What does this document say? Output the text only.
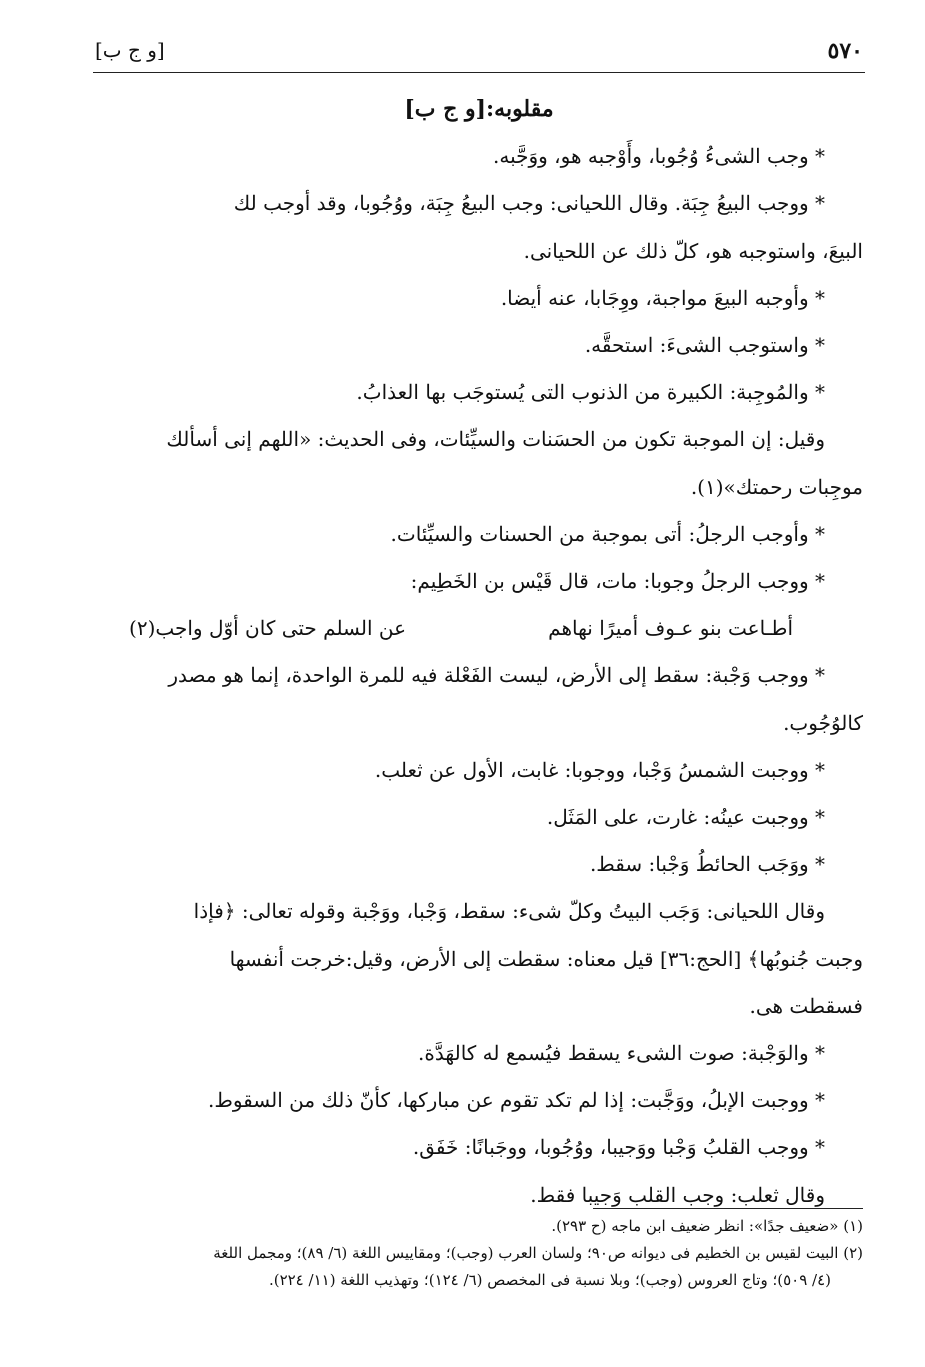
[و ج ب]	٥٧٠

مقلوبه:[و ج ب]

* وجب الشىءُ وُجُوبا، وأَوْجبه هو، ووَجَّبه.

* ووجب البيعُ جِبَة. وقال اللحيانى: وجب البيعُ جِبَة، ووُجُوبا، وقد أوجب لك

البيعَ، واستوجبه هو، كلّ ذلك عن اللحيانى.

* وأوجبه البيعَ مواجبة، ووِجَابا، عنه أيضا.

* واستوجب الشىءَ: استحقَّه.

* والمُوجِبة: الكبيرة من الذنوب التى يُستوجَب بها العذابُ.

وقيل: إن الموجبة تكون من الحسَنات والسيِّئات، وفى الحديث: «اللهم إنى أسألك

موجِبات رحمتك»(١).

* وأوجب الرجلُ: أتى بموجبة من الحسنات والسيِّئات.

* ووجب الرجلُ وجوبا: مات، قال قَيْس بن الخَطِيم:

أطـاعت بنو عـوف أميرًا نهاهم
عن السلم حتى كان أوّل واجب(٢)

* ووجب وَجْبة: سقط إلى الأرض، ليست الفَعْلة فيه للمرة الواحدة، إنما هو مصدر

كالوُجُوب.

* ووجبت الشمسُ وَجْبا، ووجوبا: غابت، الأول عن ثعلب.

* ووجبت عينُه: غارت، على المَثَل.

* ووَجَب الحائطُ وَجْبا: سقط.

وقال اللحيانى: وَجَب البيتُ وكلّ شىء: سقط، وَجْبا، ووَجْبة وقوله تعالى: ﴿فإذا

وجبت جُنوبُها﴾ [الحج:٣٦] قيل معناه: سقطت إلى الأرض، وقيل:خرجت أنفسها

فسقطت هى.

* والوَجْبة: صوت الشىء يسقط فيُسمع له كالهَدَّة.

* ووجبت الإبلُ، ووَجَّبت: إذا لم تكد تقوم عن مباركها، كأنّ ذلك من السقوط.

* ووجب القلبُ وَجْبا ووَجيبا، ووُجُوبا، ووجَبانًا: خَفَق.

وقال ثعلب: وجب القلب وَجيبا فقط.

(١) «ضعيف جدًا»: انظر ضعيف ابن ماجه (ح ٢٩٣).

(٢) البيت لقيس بن الخطيم فى ديوانه ص٩٠؛ ولسان العرب (وجب)؛ ومقاييس اللغة (٦/ ٨٩)؛ ومجمل اللغة

(٤/ ٥٠٩)؛ وتاج العروس (وجب)؛ وبلا نسبة فى المخصص (٦/ ١٢٤)؛ وتهذيب اللغة (١١/ ٢٢٤).
